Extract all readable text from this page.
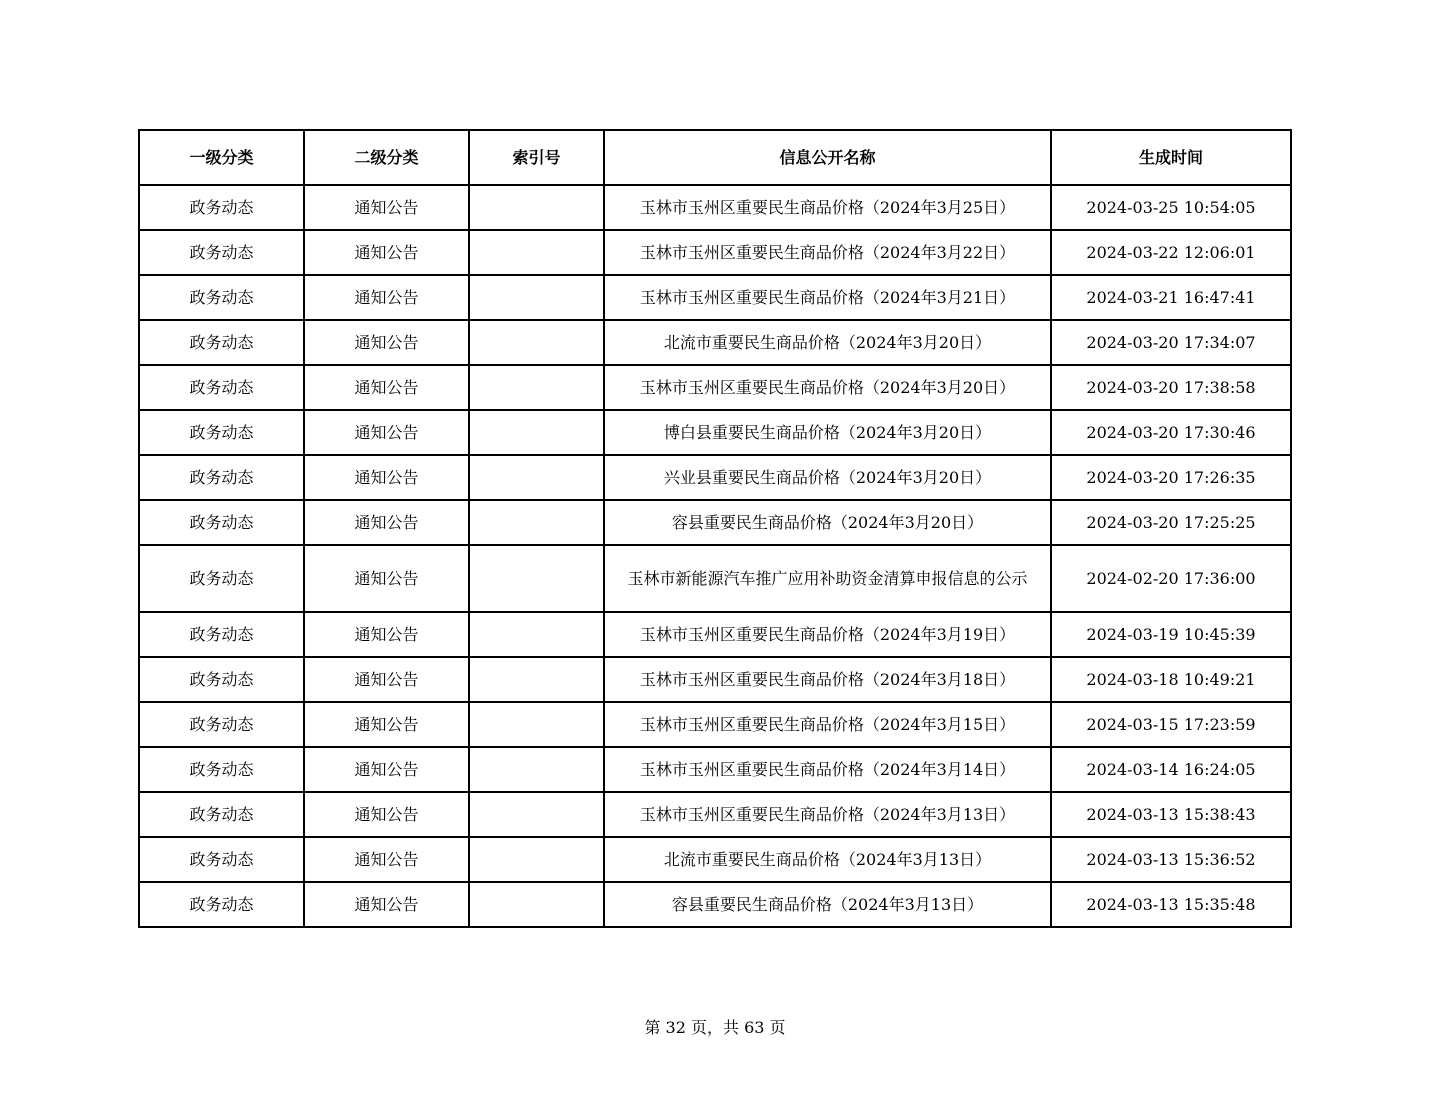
一级分类	二级分类	索引号	信息公开名称	生成时间
政务动态	通知公告		玉林市玉州区重要民生商品价格（2024年3月25日）	2024-03-25 10:54:05
政务动态	通知公告		玉林市玉州区重要民生商品价格（2024年3月22日）	2024-03-22 12:06:01
政务动态	通知公告		玉林市玉州区重要民生商品价格（2024年3月21日）	2024-03-21 16:47:41
政务动态	通知公告		北流市重要民生商品价格（2024年3月20日）	2024-03-20 17:34:07
政务动态	通知公告		玉林市玉州区重要民生商品价格（2024年3月20日）	2024-03-20 17:38:58
政务动态	通知公告		博白县重要民生商品价格（2024年3月20日）	2024-03-20 17:30:46
政务动态	通知公告		兴业县重要民生商品价格（2024年3月20日）	2024-03-20 17:26:35
政务动态	通知公告		容县重要民生商品价格（2024年3月20日）	2024-03-20 17:25:25
政务动态	通知公告		玉林市新能源汽车推广应用补助资金清算申报信息的公示	2024-02-20 17:36:00
政务动态	通知公告		玉林市玉州区重要民生商品价格（2024年3月19日）	2024-03-19 10:45:39
政务动态	通知公告		玉林市玉州区重要民生商品价格（2024年3月18日）	2024-03-18 10:49:21
政务动态	通知公告		玉林市玉州区重要民生商品价格（2024年3月15日）	2024-03-15 17:23:59
政务动态	通知公告		玉林市玉州区重要民生商品价格（2024年3月14日）	2024-03-14 16:24:05
政务动态	通知公告		玉林市玉州区重要民生商品价格（2024年3月13日）	2024-03-13 15:38:43
政务动态	通知公告		北流市重要民生商品价格（2024年3月13日）	2024-03-13 15:36:52
政务动态	通知公告		容县重要民生商品价格（2024年3月13日）	2024-03-13 15:35:48
第 32 页，共 63 页
